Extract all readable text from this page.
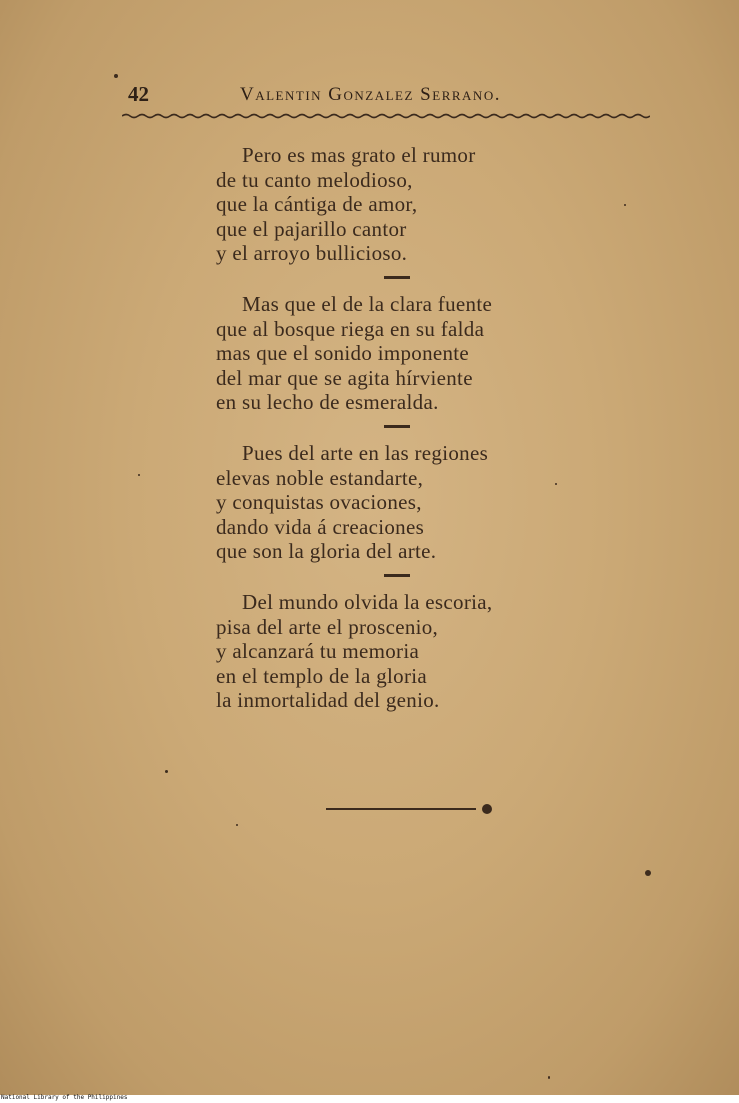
42	Valentin Gonzalez Serrano.
Pero es mas grato el rumor
de tu canto melodioso,
que la cántiga de amor,
que el pajarillo cantor
y el arroyo bullicioso.
Mas que el de la clara fuente
que al bosque riega en su falda
mas que el sonido imponente
del mar que se agita hírviente
en su lecho de esmeralda.
Pues del arte en las regiones
elevas noble estandarte,
y conquistas ovaciones,
dando vida á creaciones
que son la gloria del arte.
Del mundo olvida la escoria,
pisa del arte el proscenio,
y alcanzará tu memoria
en el templo de la gloria
la inmortalidad del genio.
National Library of the Philippines
